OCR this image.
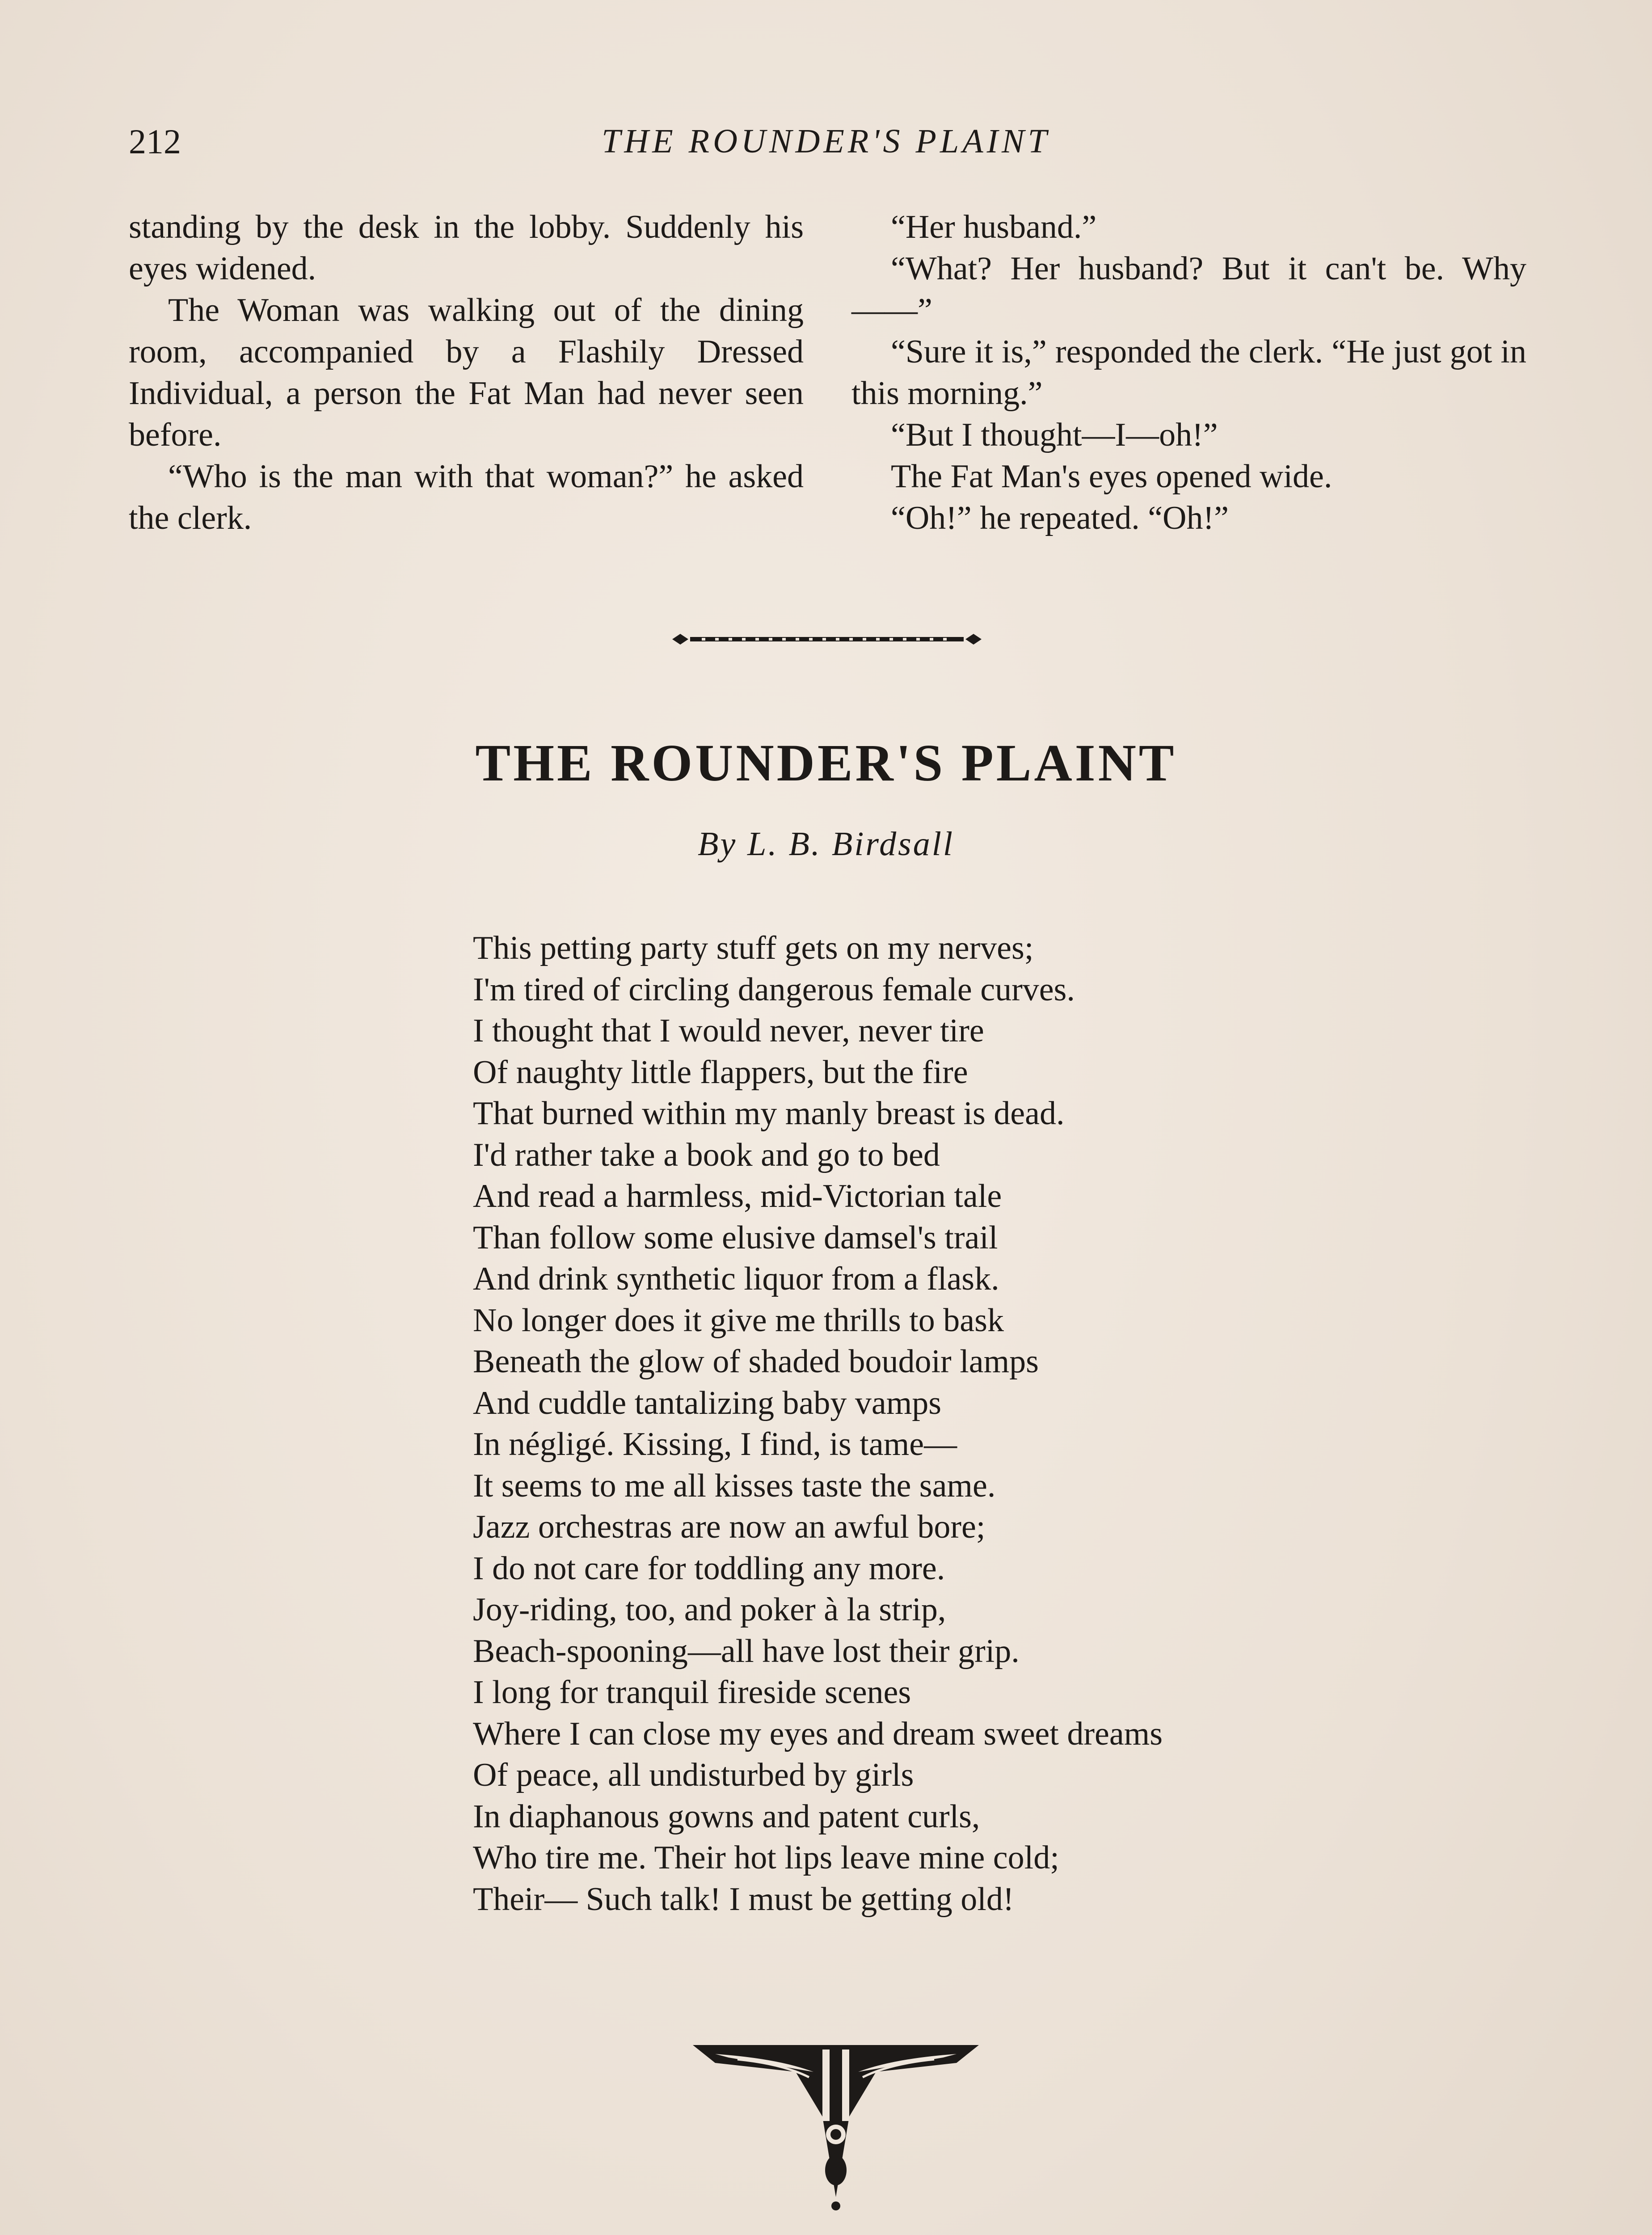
212	THE ROUNDER'S PLAINT

standing by the desk in the lobby. Suddenly his eyes widened.

The Woman was walking out of the dining room, accompanied by a Flashily Dressed Individual, a person the Fat Man had never seen before.

“Who is the man with that woman?” he asked the clerk.

“Her husband.”

“What? Her husband? But it can't be. Why——”

“Sure it is,” responded the clerk. “He just got in this morning.”

“But I thought—I—oh!”

The Fat Man's eyes opened wide.

“Oh!” he repeated. “Oh!”

THE ROUNDER'S PLAINT
By L. B. Birdsall

This petting party stuff gets on my nerves;

I'm tired of circling dangerous female curves.

I thought that I would never, never tire

Of naughty little flappers, but the fire

That burned within my manly breast is dead.

I'd rather take a book and go to bed

And read a harmless, mid-Victorian tale

Than follow some elusive damsel's trail

And drink synthetic liquor from a flask.

No longer does it give me thrills to bask

Beneath the glow of shaded boudoir lamps

And cuddle tantalizing baby vamps

In négligé. Kissing, I find, is tame—

It seems to me all kisses taste the same.

Jazz orchestras are now an awful bore;

I do not care for toddling any more.

Joy-riding, too, and poker à la strip,

Beach-spooning—all have lost their grip.

I long for tranquil fireside scenes

Where I can close my eyes and dream sweet dreams

Of peace, all undisturbed by girls

In diaphanous gowns and patent curls,

Who tire me. Their hot lips leave mine cold;

Their— Such talk! I must be getting old!
